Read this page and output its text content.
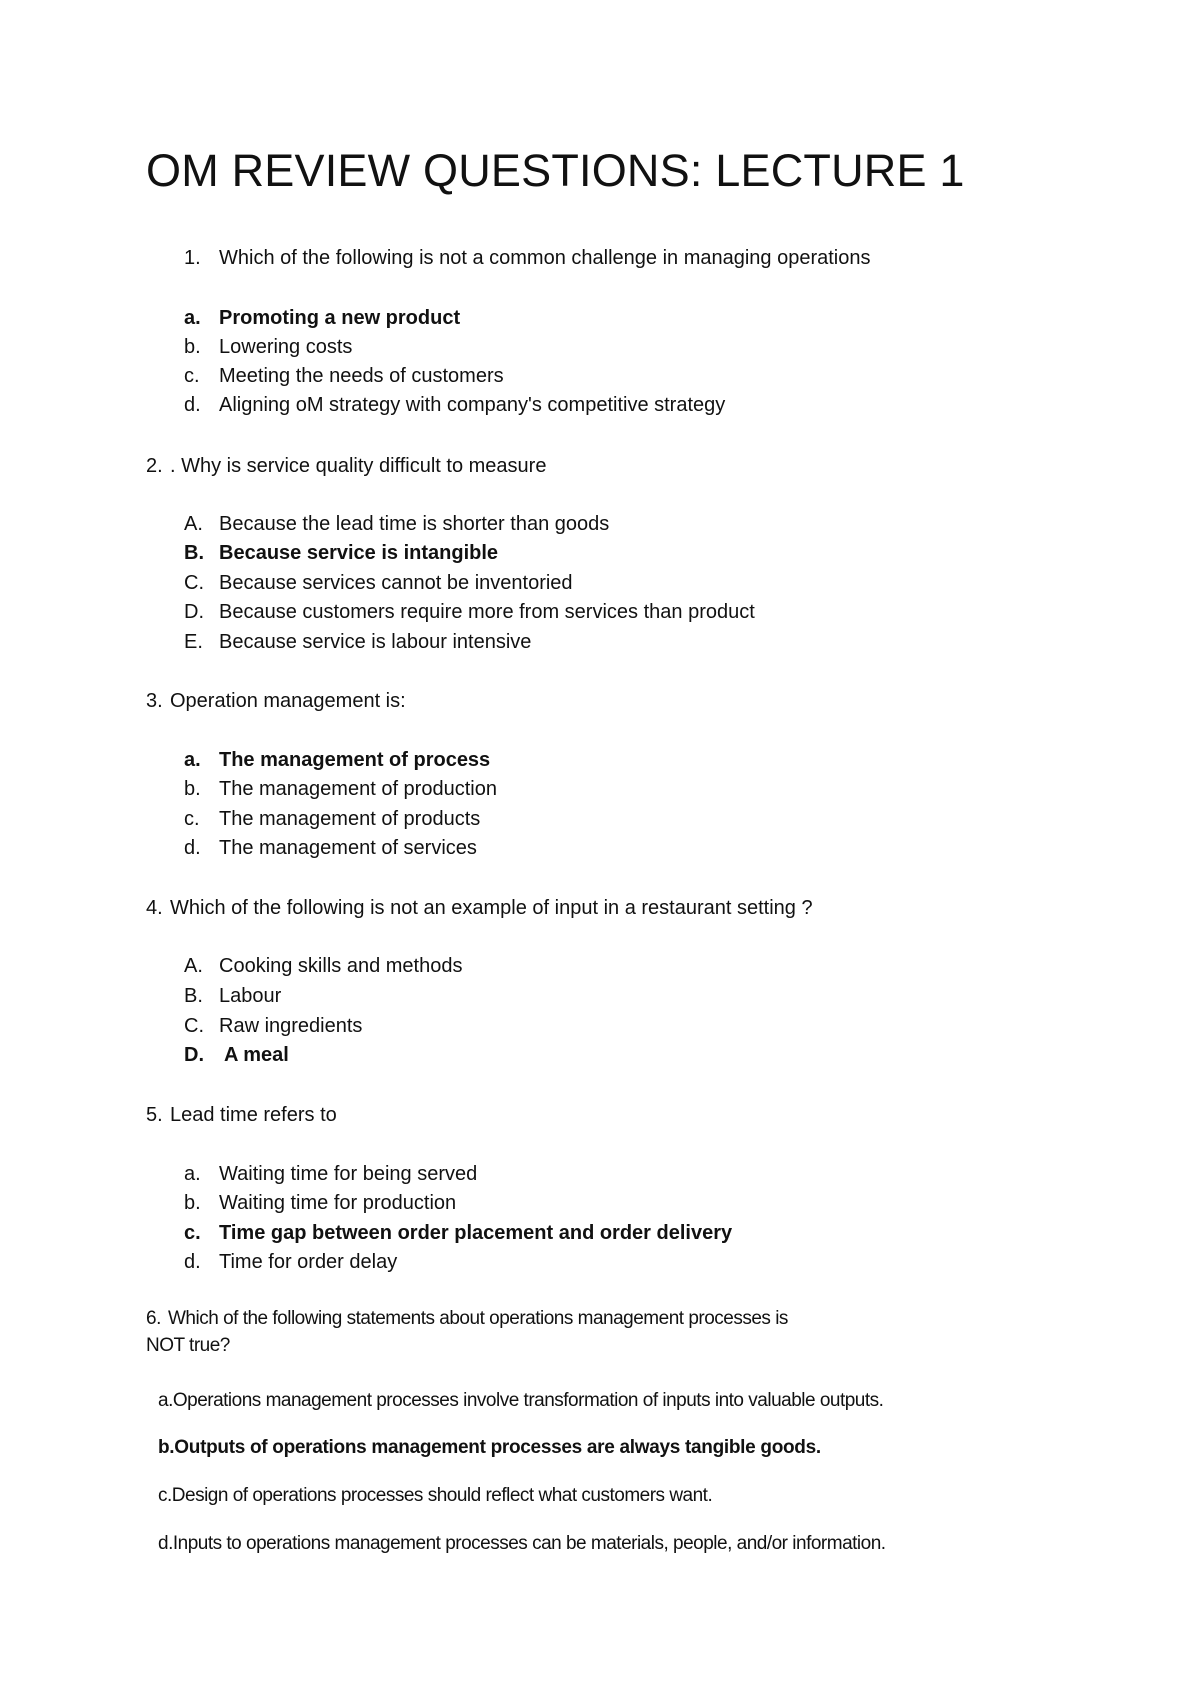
OM REVIEW QUESTIONS: LECTURE 1
1. Which of the following is not a common challenge in managing operations
a. Promoting a new product
b. Lowering costs
c. Meeting the needs of customers
d. Aligning oM strategy with company's competitive strategy
2. . Why is service quality difficult to measure
A. Because the lead time is shorter than goods
B. Because service is intangible
C. Because services cannot be inventoried
D. Because customers require more from services than product
E. Because service is labour intensive
3. Operation management is:
a. The management of process
b. The management of production
c. The management of products
d. The management of services
4. Which of the following is not an example of input in a restaurant setting ?
A. Cooking skills and methods
B. Labour
C. Raw ingredients
D. A meal
5. Lead time refers to
a. Waiting time for being served
b. Waiting time for production
c. Time gap between order placement and order delivery
d. Time for order delay
6. Which of the following statements about operations management processes is
NOT true?
a.Operations management processes involve transformation of inputs into valuable outputs.
b.Outputs of operations management processes are always tangible goods.
c.Design of operations processes should reflect what customers want.
d.Inputs to operations management processes can be materials, people, and/or information.
